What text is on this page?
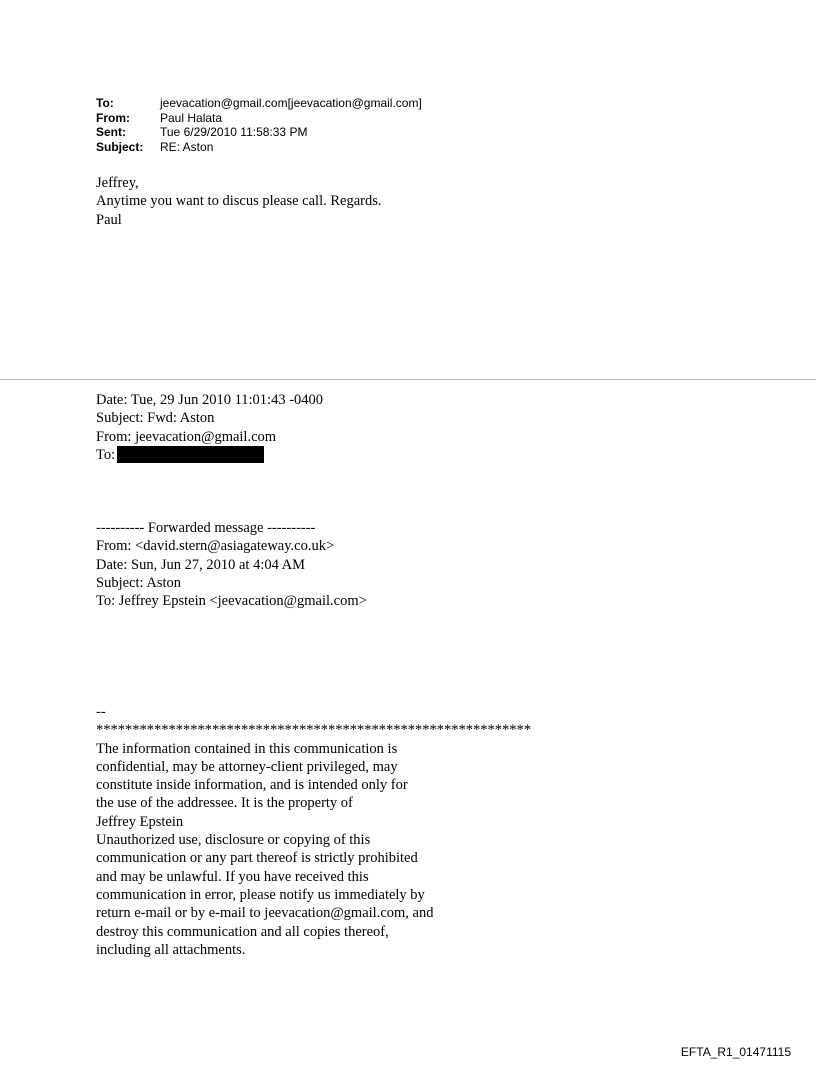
To:	jeevacation@gmail.com[jeevacation@gmail.com]
From:	Paul Halata
Sent:	Tue 6/29/2010 11:58:33 PM
Subject:	RE: Aston
Jeffrey,
Anytime you want to discus please call. Regards.
Paul
Date: Tue, 29 Jun 2010 11:01:43 -0400
Subject: Fwd: Aston
From: jeevacation@gmail.com
To:
---------- Forwarded message ----------
From: <david.stern@asiagateway.co.uk>
Date: Sun, Jun 27, 2010 at 4:04 AM
Subject: Aston
To: Jeffrey Epstein <jeevacation@gmail.com>
--
************************************************************
The information contained in this communication is
confidential, may be attorney-client privileged, may
constitute inside information, and is intended only for
the use of the addressee. It is the property of
Jeffrey Epstein
Unauthorized use, disclosure or copying of this
communication or any part thereof is strictly prohibited
and may be unlawful. If you have received this
communication in error, please notify us immediately by
return e-mail or by e-mail to jeevacation@gmail.com, and
destroy this communication and all copies thereof,
including all attachments.
EFTA_R1_01471115
